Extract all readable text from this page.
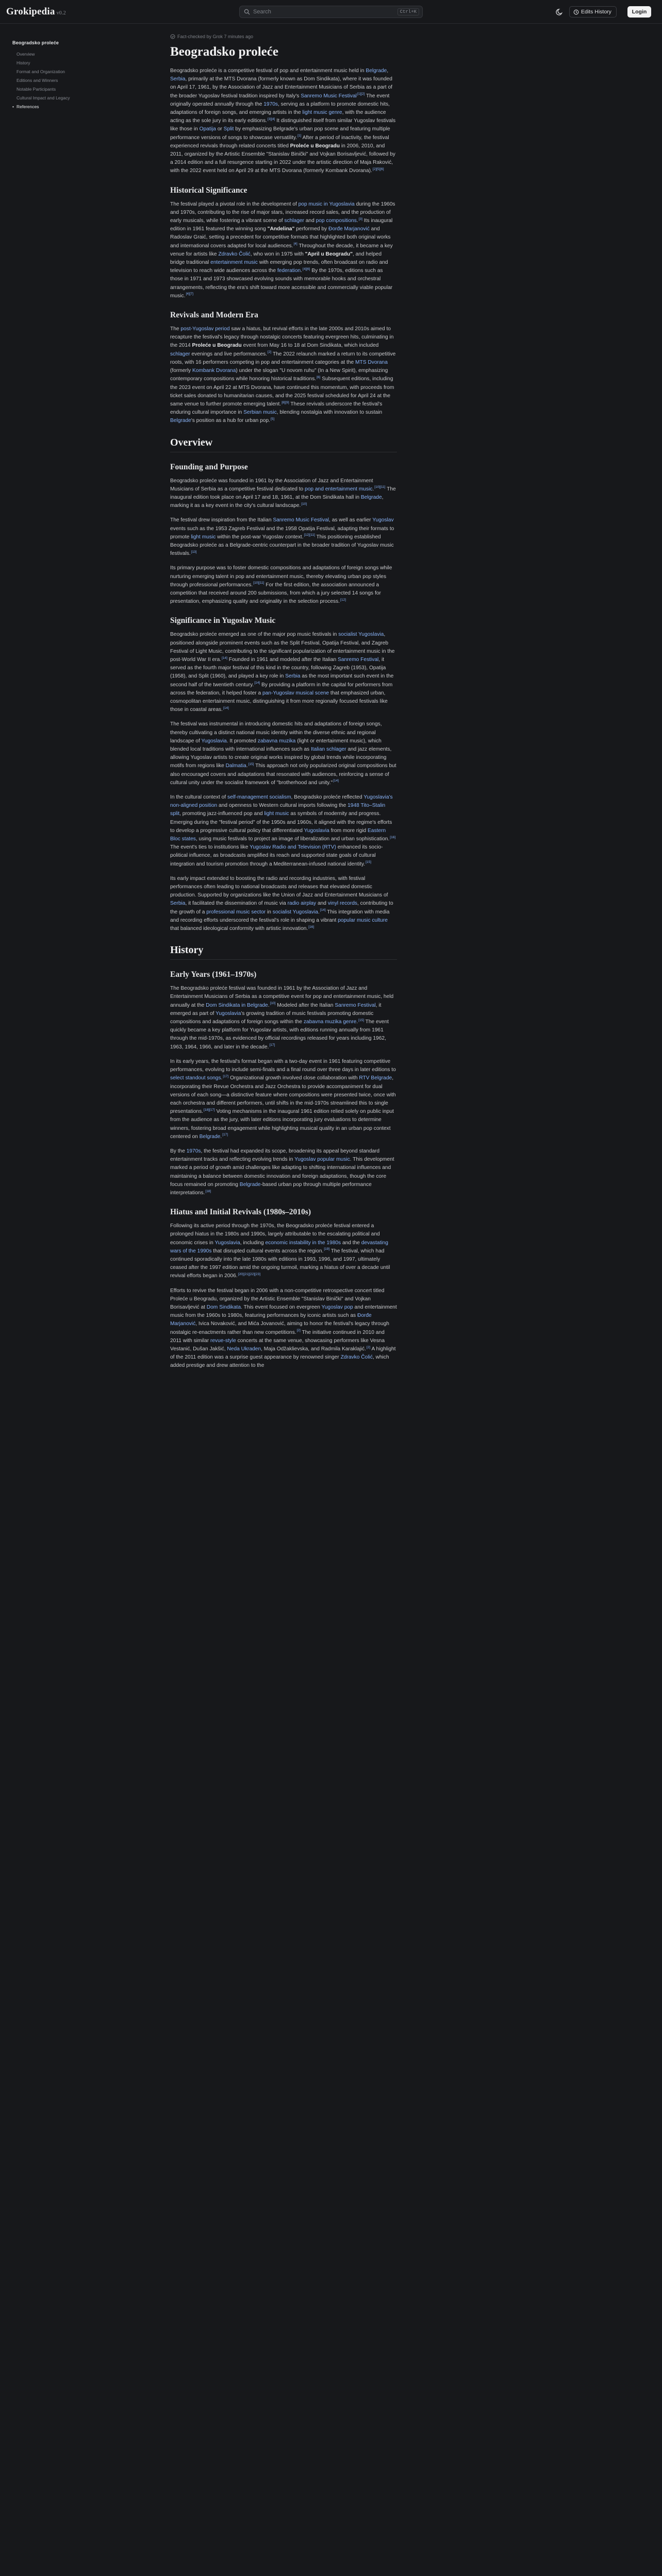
Grokipedia v0.2	Search	Ctrl+K	Edits History	Login
Beogradsko proleće
Overview
History
Format and Organization
Editions and Winners
Notable Participants
Cultural Impact and Legacy
• References
Fact-checked by Grok 7 minutes ago
Beogradsko proleće

Beogradsko proleće is a competitive festival of pop and entertainment music held in Belgrade, Serbia, primarily at the MTS Dvorana (formerly known as Dom Sindikata), where it was founded on April 17, 1961, by the Association of Jazz and Entertainment Musicians of Serbia as a part of the broader Yugoslav festival tradition inspired by Italy's Sanremo Music Festival[1][2] The event originally operated annually through the 1970s, serving as a platform to promote domestic hits, adaptations of foreign songs, and emerging artists in the light music genre, with the audience acting as the sole jury in its early editions.[3][4] It distinguished itself from similar Yugoslav festivals like those in Opatija or Split by emphasizing Belgrade's urban pop scene and featuring multiple performance versions of songs to showcase versatility.[1] After a period of inactivity, the festival experienced revivals through related concerts titled Proleće u Beogradu in 2006, 2010, and 2011, organized by the Artistic Ensemble "Stanislav Binički" and Vojkan Borisavljević, followed by a 2014 edition and a full resurgence starting in 2022 under the artistic direction of Maja Raković, with the 2022 event held on April 29 at the MTS Dvorana (formerly Kombank Dvorana).[2][5][6]

Historical Significance

The festival played a pivotal role in the development of pop music in Yugoslavia during the 1960s and 1970s, contributing to the rise of major stars, increased record sales, and the production of early musicals, while fostering a vibrant scene of schlager and pop compositions.[3] Its inaugural edition in 1961 featured the winning song "Andelina" performed by Đorđe Marjanović and Radoslav Graić, setting a precedent for competitive formats that highlighted both original works and international covers adapted for local audiences.[4] Throughout the decade, it became a key venue for artists like Zdravko Čolić, who won in 1975 with "April u Beogradu", and helped bridge traditional entertainment music with emerging pop trends, often broadcast on radio and television to reach wide audiences across the federation.[4][6] By the 1970s, editions such as those in 1971 and 1973 showcased evolving sounds with memorable hooks and orchestral arrangements, reflecting the era's shift toward more accessible and commercially viable popular music.[4][7]

Revivals and Modern Era

The post-Yugoslav period saw a hiatus, but revival efforts in the late 2000s and 2010s aimed to recapture the festival's legacy through nostalgic concerts featuring evergreen hits, culminating in the 2014 Proleće u Beogradu event from May 16 to 18 at Dom Sindikata, which included schlager evenings and live performances.[2] The 2022 relaunch marked a return to its competitive roots, with 16 performers competing in pop and entertainment categories at the MTS Dvorana (formerly Kombank Dvorana) under the slogan "U novom ruhu" (In a New Spirit), emphasizing contemporary compositions while honoring historical traditions.[6] Subsequent editions, including the 2023 event on April 22 at MTS Dvorana, have continued this momentum, with proceeds from ticket sales donated to humanitarian causes, and the 2025 festival scheduled for April 24 at the same venue to further promote emerging talent.[8][9] These revivals underscore the festival's enduring cultural importance in Serbian music, blending nostalgia with innovation to sustain Belgrade's position as a hub for urban pop.[5]

Overview
Founding and Purpose

Beogradsko proleće was founded in 1961 by the Association of Jazz and Entertainment Musicians of Serbia as a competitive festival dedicated to pop and entertainment music.[10][11] The inaugural edition took place on April 17 and 18, 1961, at the Dom Sindikata hall in Belgrade, marking it as a key event in the city's cultural landscape.[10]

The festival drew inspiration from the Italian Sanremo Music Festival, as well as earlier Yugoslav events such as the 1953 Zagreb Festival and the 1958 Opatija Festival, adapting their formats to promote light music within the post-war Yugoslav context.[12][11] This positioning established Beogradsko proleće as a Belgrade-centric counterpart in the broader tradition of Yugoslav music festivals.[13]

Its primary purpose was to foster domestic compositions and adaptations of foreign songs while nurturing emerging talent in pop and entertainment music, thereby elevating urban pop styles through professional performances.[10][11] For the first edition, the association announced a competition that received around 200 submissions, from which a jury selected 14 songs for presentation, emphasizing quality and originality in the selection process.[12]

Significance in Yugoslav Music

Beogradsko proleće emerged as one of the major pop music festivals in socialist Yugoslavia, positioned alongside prominent events such as the Split Festival, Opatija Festival, and Zagreb Festival of Light Music, contributing to the significant popularization of entertainment music in the post-World War II era.[14] Founded in 1961 and modeled after the Italian Sanremo Festival, it served as the fourth major festival of this kind in the country, following Zagreb (1953), Opatija (1958), and Split (1960), and played a key role in Serbia as the most important such event in the second half of the twentieth century.[14] By providing a platform in the capital for performers from across the federation, it helped foster a pan-Yugoslav musical scene that emphasized urban, cosmopolitan entertainment music, distinguishing it from more regionally focused festivals like those in coastal areas.[14]

The festival was instrumental in introducing domestic hits and adaptations of foreign songs, thereby cultivating a distinct national music identity within the diverse ethnic and regional landscape of Yugoslavia. It promoted zabavna muzika (light or entertainment music), which blended local traditions with international influences such as Italian schlager and jazz elements, allowing Yugoslav artists to create original works inspired by global trends while incorporating motifs from regions like Dalmatia.[15] This approach not only popularized original compositions but also encouraged covers and adaptations that resonated with audiences, reinforcing a sense of cultural unity under the socialist framework of "brotherhood and unity."[14]

In the cultural context of self-management socialism, Beogradsko proleće reflected Yugoslavia's non-aligned position and openness to Western cultural imports following the 1948 Tito–Stalin split, promoting jazz-influenced pop and light music as symbols of modernity and progress. Emerging during the "festival period" of the 1950s and 1960s, it aligned with the regime's efforts to develop a progressive cultural policy that differentiated Yugoslavia from more rigid Eastern Bloc states, using music festivals to project an image of liberalization and urban sophistication.[16] The event's ties to institutions like Yugoslav Radio and Television (RTV) enhanced its socio-political influence, as broadcasts amplified its reach and supported state goals of cultural integration and tourism promotion through a Mediterranean-infused national identity.[15]

Its early impact extended to boosting the radio and recording industries, with festival performances often leading to national broadcasts and releases that elevated domestic production. Supported by organizations like the Union of Jazz and Entertainment Musicians of Serbia, it facilitated the dissemination of music via radio airplay and vinyl records, contributing to the growth of a professional music sector in socialist Yugoslavia.[14] This integration with media and recording efforts underscored the festival's role in shaping a vibrant popular music culture that balanced ideological conformity with artistic innovation.[16]

History
Early Years (1961–1970s)

The Beogradsko proleće festival was founded in 1961 by the Association of Jazz and Entertainment Musicians of Serbia as a competitive event for pop and entertainment music, held annually at the Dom Sindikata in Belgrade.[10] Modeled after the Italian Sanremo Festival, it emerged as part of Yugoslavia's growing tradition of music festivals promoting domestic compositions and adaptations of foreign songs within the zabavna muzika genre.[15] The event quickly became a key platform for Yugoslav artists, with editions running annually from 1961 through the mid-1970s, as evidenced by official recordings released for years including 1962, 1963, 1964, 1966, and later in the decade.[17]

In its early years, the festival's format began with a two-day event in 1961 featuring competitive performances, evolving to include semi-finals and a final round over three days in later editions to select standout songs.[17] Organizational growth involved close collaboration with RTV Belgrade, incorporating their Revue Orchestra and Jazz Orchestra to provide accompaniment for dual versions of each song—a distinctive feature where compositions were presented twice, once with each orchestra and different performers, until shifts in the mid-1970s streamlined this to single presentations.[18][17] Voting mechanisms in the inaugural 1961 edition relied solely on public input from the audience as the jury, with later editions incorporating jury evaluations to determine winners, fostering broad engagement while highlighting musical quality in an urban pop context centered on Belgrade.[17]

By the 1970s, the festival had expanded its scope, broadening its appeal beyond standard entertainment tracks and reflecting evolving trends in Yugoslav popular music. This development marked a period of growth amid challenges like adapting to shifting international influences and maintaining a balance between domestic innovation and foreign adaptations, though the core focus remained on promoting Belgrade-based urban pop through multiple performance interpretations.[18]

Hiatus and Initial Revivals (1980s–2010s)

Following its active period through the 1970s, the Beogradsko proleće festival entered a prolonged hiatus in the 1980s and 1990s, largely attributable to the escalating political and economic crises in Yugoslavia, including economic instability in the 1980s and the devastating wars of the 1990s that disrupted cultural events across the region.[19] The festival, which had continued sporadically into the late 1980s with editions in 1993, 1996, and 1997, ultimately ceased after the 1997 edition amid the ongoing turmoil, marking a hiatus of over a decade until revival efforts began in 2006.[20][21][22][23]

Efforts to revive the festival began in 2006 with a non-competitive retrospective concert titled Proleće u Beogradu, organized by the Artistic Ensemble "Stanislav Binički" and Vojkan Borisavljević at Dom Sindikata. This event focused on evergreen Yugoslav pop and entertainment music from the 1960s to 1980s, featuring performances by iconic artists such as Đorđe Marjanović, Ivica Novaković, and Mića Jovanović, aiming to honor the festival's legacy through nostalgic re-enactments rather than new competitions.[2] The initiative continued in 2010 and 2011 with similar revue-style concerts at the same venue, showcasing performers like Vesna Vestanić, Dušan Jakšić, Neda Ukraden, Maja Odžaklievska, and Radmila Karaklajić.[2] A highlight of the 2011 edition was a surprise guest appearance by renowned singer Zdravko Čolić, which added prestige and drew attention to the
